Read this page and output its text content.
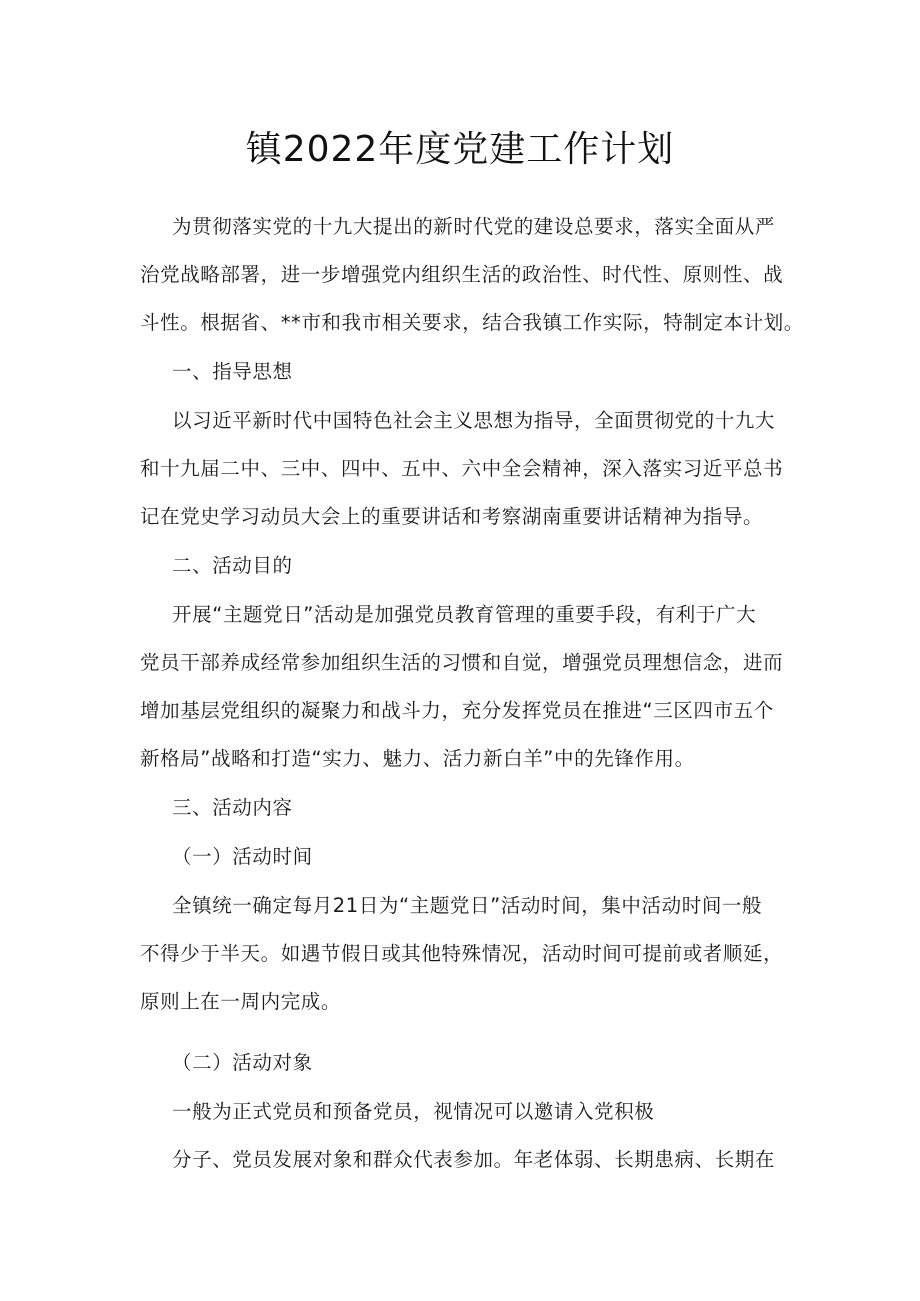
镇2022年度党建工作计划
为贯彻落实党的十九大提出的新时代党的建设总要求，落实全面从严
治党战略部署，进一步增强党内组织生活的政治性、时代性、原则性、战
斗性。根据省、**市和我市相关要求，结合我镇工作实际，特制定本计划。
一、指导思想
以习近平新时代中国特色社会主义思想为指导，全面贯彻党的十九大
和十九届二中、三中、四中、五中、六中全会精神，深入落实习近平总书
记在党史学习动员大会上的重要讲话和考察湖南重要讲话精神为指导。
二、活动目的
开展“主题党日”活动是加强党员教育管理的重要手段，有利于广大
党员干部养成经常参加组织生活的习惯和自觉，增强党员理想信念，进而
增加基层党组织的凝聚力和战斗力，充分发挥党员在推进“三区四市五个
新格局”战略和打造“实力、魅力、活力新白羊”中的先锋作用。
三、活动内容
（一）活动时间
全镇统一确定每月21日为“主题党日”活动时间，集中活动时间一般
不得少于半天。如遇节假日或其他特殊情况，活动时间可提前或者顺延，
原则上在一周内完成。
（二）活动对象
一般为正式党员和预备党员，视情况可以邀请入党积极
分子、党员发展对象和群众代表参加。年老体弱、长期患病、长期在
